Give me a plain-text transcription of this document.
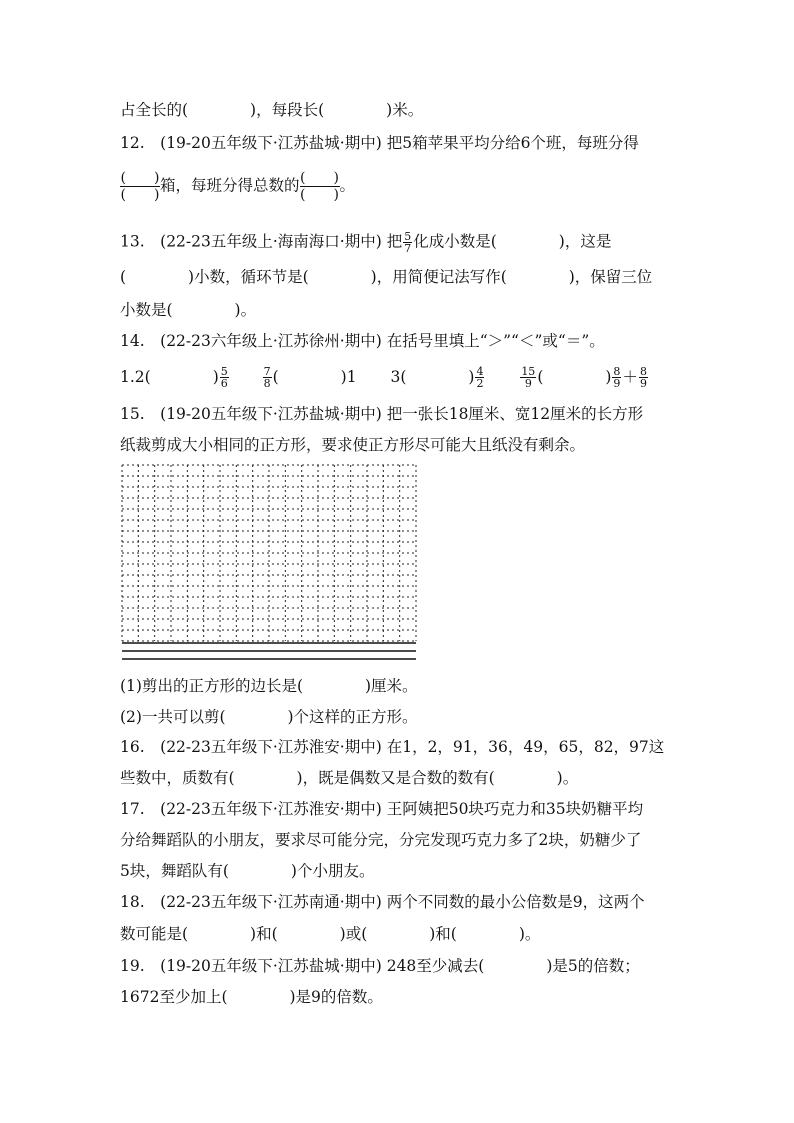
占全长的(　　　　)，每段长(　　　　)米。
12.　(19-20五年级下·江苏盐城·期中) 把5箱苹果平均分给6个班，每班分得
$\frac{( )}{( )}$ 箱，每班分得总数的 $\frac{( )}{( )}$ 。
13.　(22-23五年级上·海南海口·期中) 把 $\frac{5}{7}$ 化成小数是(　　　　)，这是
(　　　　)小数，循环节是(　　　　)，用简便记法写作(　　　　)，保留三位
小数是(　　　　)。
14.　(22-23六年级上·江苏徐州·期中) 在括号里填上“＞”“＜”或“＝”。
1.2(　　　　) $\frac{5}{6}$
	$\frac{7}{8}$ (　　　　)1 3(　　　　) $\frac{4}{2}$
	$\frac{15}{9}$ (　　　　) $\frac{8}{9} + \frac{8}{9}$
15.　(19-20五年级下·江苏盐城·期中) 把一张长18厘米、宽12厘米的长方形
纸裁剪成大小相同的正方形，要求使正方形尽可能大且纸没有剩余。
(1)剪出的正方形的边长是(　　　　)厘米。
(2)一共可以剪(　　　　)个这样的正方形。
16.　(22-23五年级下·江苏淮安·期中) 在1，2，91，36，49，65，82，97这
些数中，质数有(　　　　)，既是偶数又是合数的数有(　　　　)。
17.　(22-23五年级下·江苏淮安·期中) 王阿姨把50块巧克力和35块奶糖平均
分给舞蹈队的小朋友，要求尽可能分完，分完发现巧克力多了2块，奶糖少了
5块，舞蹈队有(　　　　)个小朋友。
18.　(22-23五年级下·江苏南通·期中) 两个不同数的最小公倍数是9，这两个
数可能是(　　　　)和(　　　　)或(　　　　)和(　　　　)。
19.　(19-20五年级下·江苏盐城·期中) 248至少减去(　　　　)是5的倍数；
1672至少加上(　　　　)是9的倍数。
